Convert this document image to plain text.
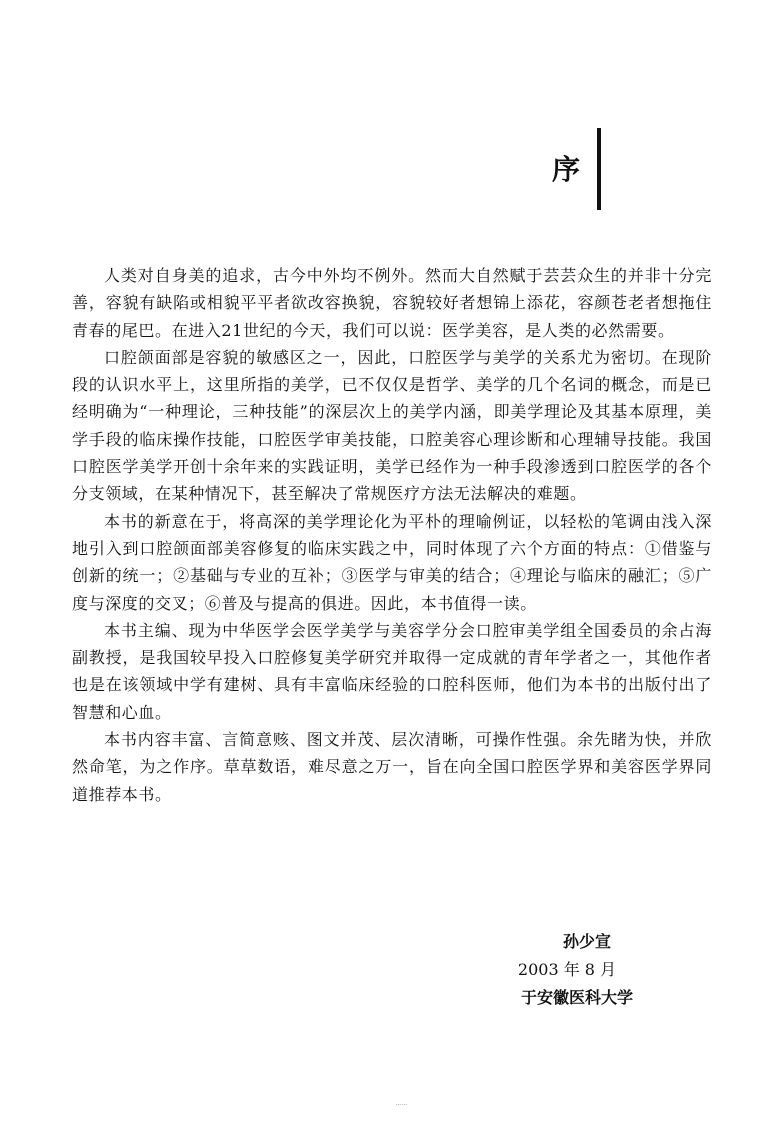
序

人类对自身美的追求，古今中外均不例外。然而大自然赋于芸芸众生的并非十分完善，容貌有缺陷或相貌平平者欲改容换貌，容貌较好者想锦上添花，容颜苍老者想拖住青春的尾巴。在进入21世纪的今天，我们可以说：医学美容，是人类的必然需要。

口腔颌面部是容貌的敏感区之一，因此，口腔医学与美学的关系尤为密切。在现阶段的认识水平上，这里所指的美学，已不仅仅是哲学、美学的几个名词的概念，而是已经明确为“一种理论，三种技能”的深层次上的美学内涵，即美学理论及其基本原理，美学手段的临床操作技能，口腔医学审美技能，口腔美容心理诊断和心理辅导技能。我国口腔医学美学开创十余年来的实践证明，美学已经作为一种手段渗透到口腔医学的各个分支领域，在某种情况下，甚至解决了常规医疗方法无法解决的难题。

本书的新意在于，将高深的美学理论化为平朴的理喻例证，以轻松的笔调由浅入深地引入到口腔颌面部美容修复的临床实践之中，同时体现了六个方面的特点：①借鉴与创新的统一；②基础与专业的互补；③医学与审美的结合；④理论与临床的融汇；⑤广度与深度的交叉；⑥普及与提高的俱进。因此，本书值得一读。

本书主编、现为中华医学会医学美学与美容学分会口腔审美学组全国委员的余占海副教授，是我国较早投入口腔修复美学研究并取得一定成就的青年学者之一，其他作者也是在该领域中学有建树、具有丰富临床经验的口腔科医师，他们为本书的出版付出了智慧和心血。

本书内容丰富、言简意赅、图文并茂、层次清晰，可操作性强。余先睹为快，并欣然命笔，为之作序。草草数语，难尽意之万一，旨在向全国口腔医学界和美容医学界同道推荐本书。

孙少宣
2003 年 8 月
于安徽医科大学
……
